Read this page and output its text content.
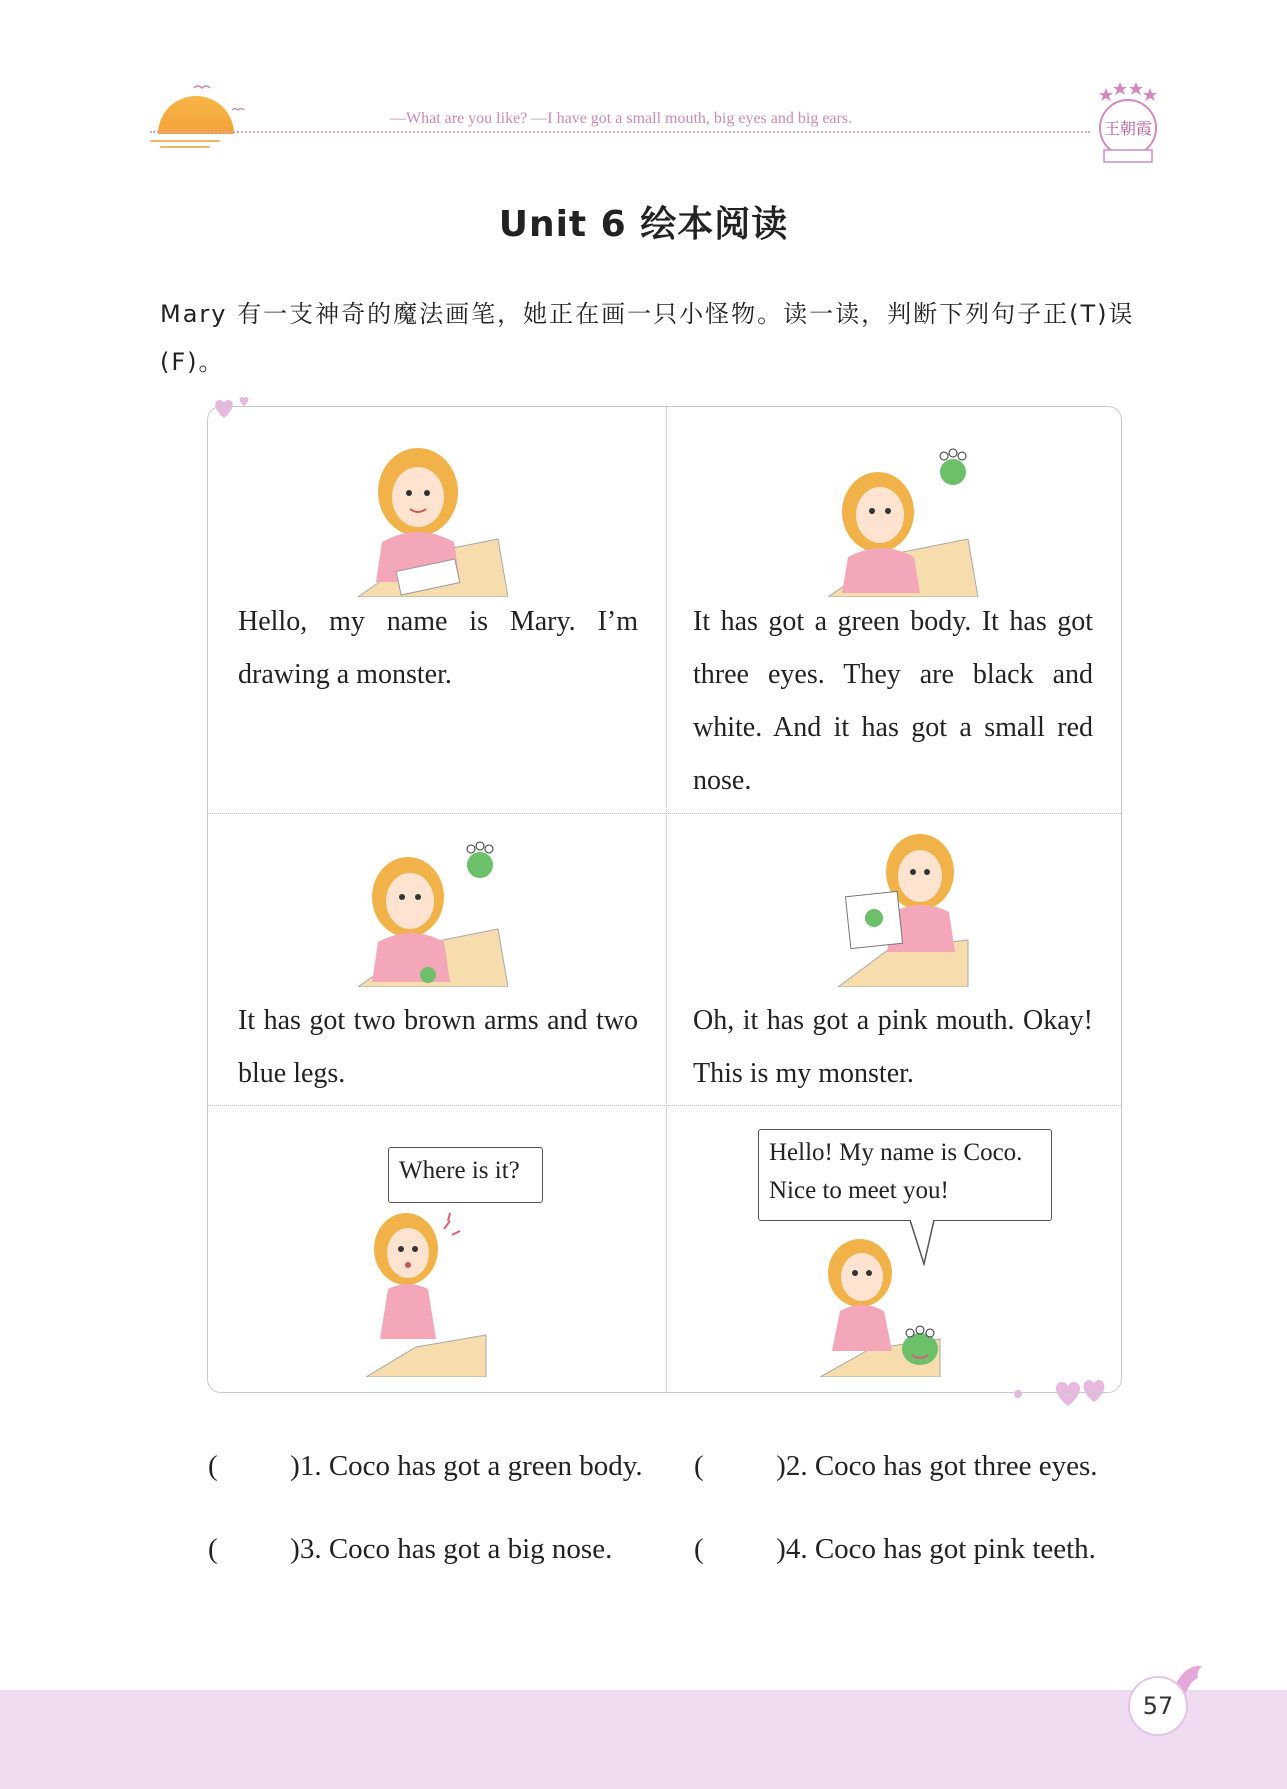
—What are you like? —I have got a small mouth, big eyes and big ears.
王朝霞
Unit 6 绘本阅读
Mary 有一支神奇的魔法画笔，她正在画一只小怪物。读一读，判断下列句子正(T)误(F)。
Hello, my name is Mary. I’m drawing a monster.
It has got a green body. It has got three eyes. They are black and white. And it has got a small red nose.
It has got two brown arms and two blue legs.
Oh, it has got a pink mouth. Okay! This is my monster.
Where is it?
Hello! My name is Coco.
Nice to meet you!
(          )1. Coco has got a green body. (          )2. Coco has got three eyes.
(          )3. Coco has got a big nose.	(          )4. Coco has got pink teeth.
57
